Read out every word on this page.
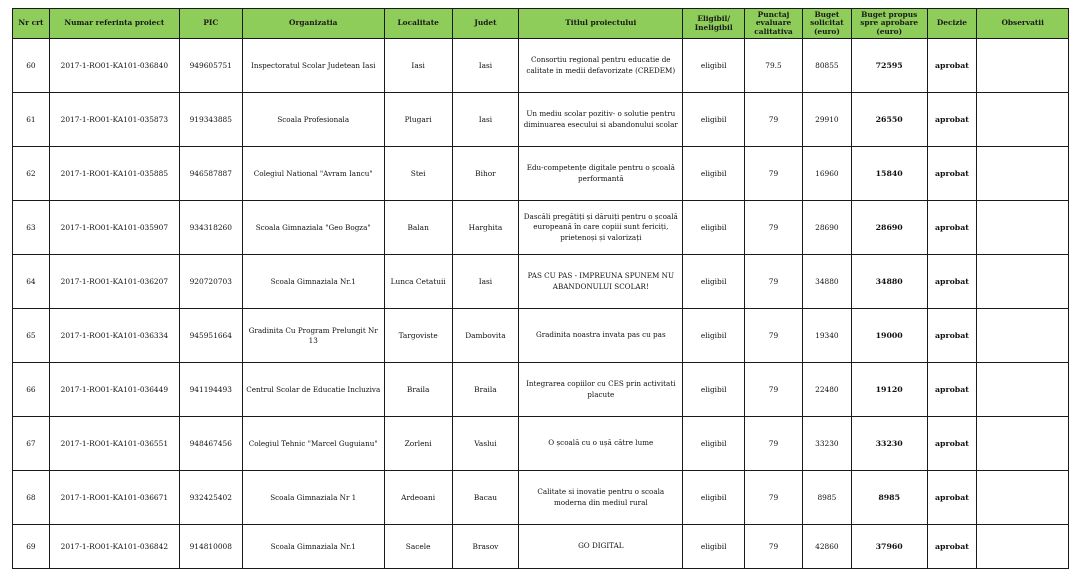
Nr crt	Numar referinta proiect	PIC	Organizatia	Localitate	Judet	Titlul proiectului	Eligibil/ Ineligibil	Punctaj evaluare calitativa	Buget solicitat (euro)	Buget propus spre aprobare (euro)	Decizie	Observatii
60	2017-1-RO01-KA101-036840	949605751	Inspectoratul Scolar Judetean Iasi	Iasi	Iasi	Consortiu regional pentru educatie de calitate in medii defavorizate (CREDEM)	eligibil	79.5	80855	72595	aprobat	
61	2017-1-RO01-KA101-035873	919343885	Scoala Profesionala	Plugari	Iasi	Un mediu scolar pozitiv- o solutie pentru diminuarea esecului si abandonului scolar	eligibil	79	29910	26550	aprobat	
62	2017-1-RO01-KA101-035885	946587887	Colegiul National "Avram Iancu"	Stei	Bihor	Edu-competențe digitale pentru o școală performantă	eligibil	79	16960	15840	aprobat	
63	2017-1-RO01-KA101-035907	934318260	Scoala Gimnaziala "Geo Bogza"	Balan	Harghita	Dascăli pregătiți și dăruiți pentru o școală europeană în care copiii sunt fericiți, prietenoși și valorizați	eligibil	79	28690	28690	aprobat	
64	2017-1-RO01-KA101-036207	920720703	Scoala Gimnaziala Nr.1	Lunca Cetatuii	Iasi	PAS CU PAS - IMPREUNA SPUNEM NU ABANDONULUI SCOLAR!	eligibil	79	34880	34880	aprobat	
65	2017-1-RO01-KA101-036334	945951664	Gradinita Cu Program Prelungit Nr 13	Targoviste	Dambovita	Gradinita noastra invata pas cu pas	eligibil	79	19340	19000	aprobat	
66	2017-1-RO01-KA101-036449	941194493	Centrul Scolar de Educatie Incluziva	Braila	Braila	Integrarea copiilor cu CES prin activitati placute	eligibil	79	22480	19120	aprobat	
67	2017-1-RO01-KA101-036551	948467456	Colegiul Tehnic "Marcel Guguianu"	Zorleni	Vaslui	O școală cu o ușă către lume	eligibil	79	33230	33230	aprobat	
68	2017-1-RO01-KA101-036671	932425402	Scoala Gimnaziala Nr 1	Ardeoani	Bacau	Calitate si inovatie pentru o scoala moderna din mediul rural	eligibil	79	8985	8985	aprobat	
69	2017-1-RO01-KA101-036842	914810008	Scoala Gimnaziala Nr.1	Sacele	Brasov	GO DIGITAL	eligibil	79	42860	37960	aprobat	
